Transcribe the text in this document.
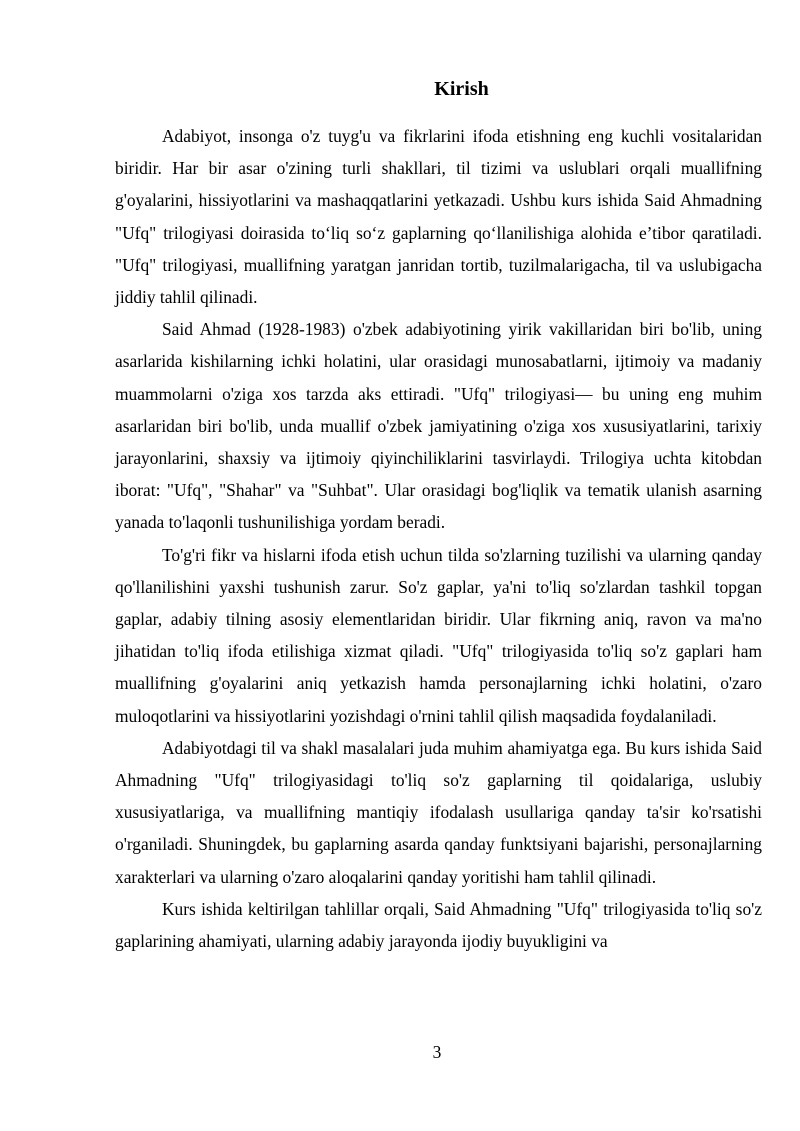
Kirish

Adabiyot, insonga o'z tuyg'u va fikrlarini ifoda etishning eng kuchli vositalaridan biridir. Har bir asar o'zining turli shakllari, til tizimi va uslublari orqali muallifning g'oyalarini, hissiyotlarini va mashaqqatlarini yetkazadi. Ushbu kurs ishida Said Ahmadning "Ufq" trilogiyasi doirasida to‘liq so‘z gaplarning qo‘llanilishiga alohida e’tibor qaratiladi. "Ufq" trilogiyasi, muallifning yaratgan janridan tortib, tuzilmalarigacha, til va uslubigacha jiddiy tahlil qilinadi.

Said Ahmad (1928-1983) o'zbek adabiyotining yirik vakillaridan biri bo'lib, uning asarlarida kishilarning ichki holatini, ular orasidagi munosabatlarni, ijtimoiy va madaniy muammolarni o'ziga xos tarzda aks ettiradi. "Ufq" trilogiyasi— bu uning eng muhim asarlaridan biri bo'lib, unda muallif o'zbek jamiyatining o'ziga xos xususiyatlarini, tarixiy jarayonlarini, shaxsiy va ijtimoiy qiyinchiliklarini tasvirlaydi. Trilogiya uchta kitobdan iborat: "Ufq", "Shahar" va "Suhbat". Ular orasidagi bog'liqlik va tematik ulanish asarning yanada to'laqonli tushunilishiga yordam beradi.

To'g'ri fikr va hislarni ifoda etish uchun tilda so'zlarning tuzilishi va ularning qanday qo'llanilishini yaxshi tushunish zarur. So'z gaplar, ya'ni to'liq so'zlardan tashkil topgan gaplar, adabiy tilning asosiy elementlaridan biridir. Ular fikrning aniq, ravon va ma'no jihatidan to'liq ifoda etilishiga xizmat qiladi. "Ufq" trilogiyasida to'liq so'z gaplari ham muallifning g'oyalarini aniq yetkazish hamda personajlarning ichki holatini, o'zaro muloqotlarini va hissiyotlarini yozishdagi o'rnini tahlil qilish maqsadida foydalaniladi.

Adabiyotdagi til va shakl masalalari juda muhim ahamiyatga ega. Bu kurs ishida Said Ahmadning "Ufq" trilogiyasidagi to'liq so'z gaplarning til qoidalariga, uslubiy xususiyatlariga, va muallifning mantiqiy ifodalash usullariga qanday ta'sir ko'rsatishi o'rganiladi. Shuningdek, bu gaplarning asarda qanday funktsiyani bajarishi, personajlarning xarakterlari va ularning o'zaro aloqalarini qanday yoritishi ham tahlil qilinadi.

Kurs ishida keltirilgan tahlillar orqali, Said Ahmadning "Ufq" trilogiyasida to'liq so'z gaplarining ahamiyati, ularning adabiy jarayonda ijodiy buyukligini va

3
